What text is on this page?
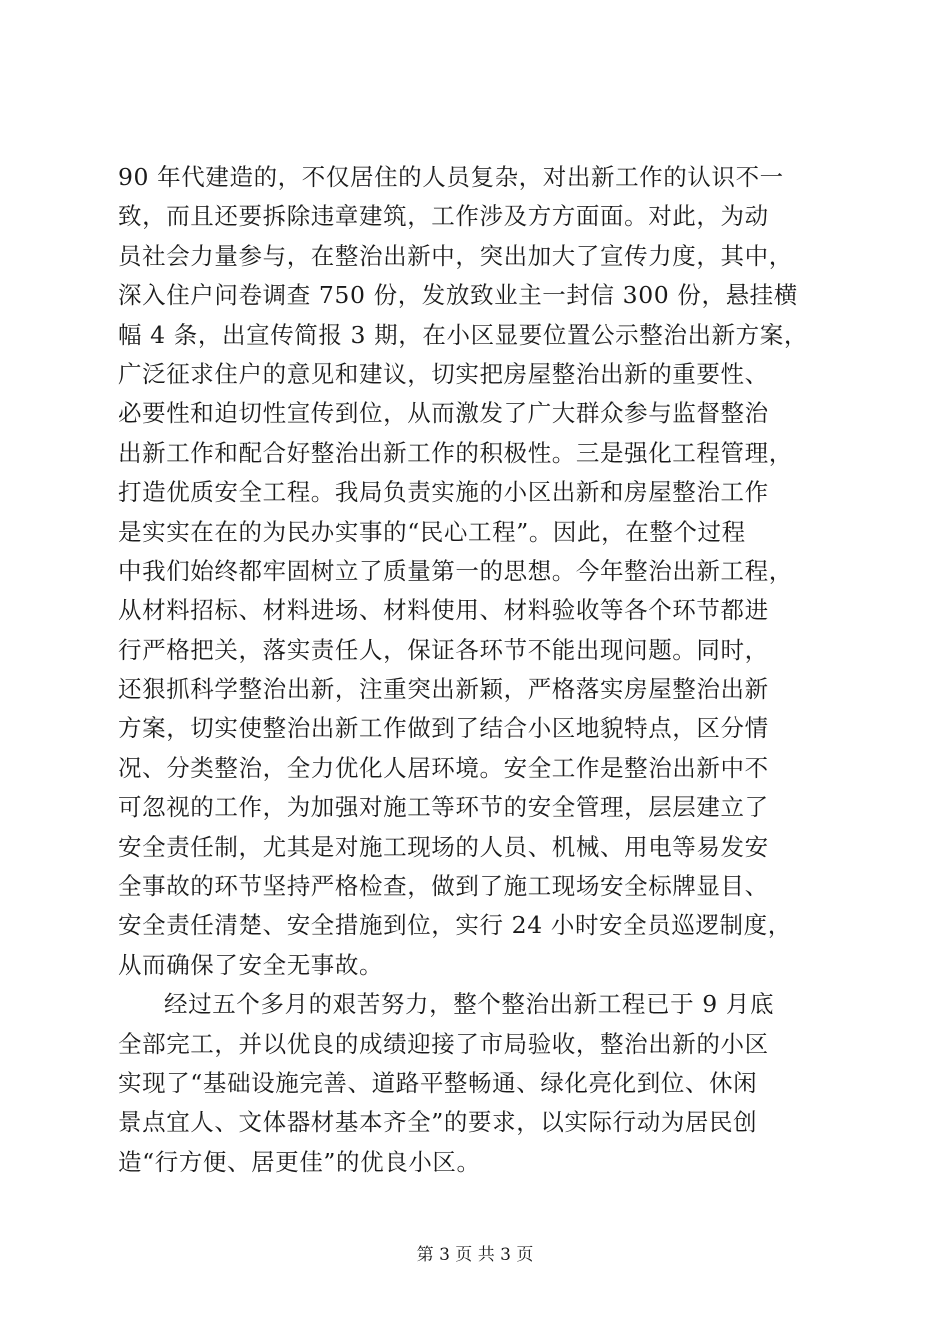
90 年代建造的，不仅居住的人员复杂，对出新工作的认识不一
致，而且还要拆除违章建筑，工作涉及方方面面。对此，为动
员社会力量参与，在整治出新中，突出加大了宣传力度，其中，
深入住户问卷调查 750 份，发放致业主一封信 300 份，悬挂横
幅 4 条，出宣传简报 3 期，在小区显要位置公示整治出新方案，
广泛征求住户的意见和建议，切实把房屋整治出新的重要性、
必要性和迫切性宣传到位，从而激发了广大群众参与监督整治
出新工作和配合好整治出新工作的积极性。三是强化工程管理，
打造优质安全工程。我局负责实施的小区出新和房屋整治工作
是实实在在的为民办实事的“民心工程”。因此，在整个过程
中我们始终都牢固树立了质量第一的思想。今年整治出新工程，
从材料招标、材料进场、材料使用、材料验收等各个环节都进
行严格把关，落实责任人，保证各环节不能出现问题。同时，
还狠抓科学整治出新，注重突出新颖，严格落实房屋整治出新
方案，切实使整治出新工作做到了结合小区地貌特点，区分情
况、分类整治，全力优化人居环境。安全工作是整治出新中不
可忽视的工作，为加强对施工等环节的安全管理，层层建立了
安全责任制，尤其是对施工现场的人员、机械、用电等易发安
全事故的环节坚持严格检查，做到了施工现场安全标牌显目、
安全责任清楚、安全措施到位，实行 24 小时安全员巡逻制度，
从而确保了安全无事故。
经过五个多月的艰苦努力，整个整治出新工程已于 9 月底
全部完工，并以优良的成绩迎接了市局验收，整治出新的小区
实现了“基础设施完善、道路平整畅通、绿化亮化到位、休闲
景点宜人、文体器材基本齐全”的要求，以实际行动为居民创
造“行方便、居更佳”的优良小区。
第 3 页 共 3 页
